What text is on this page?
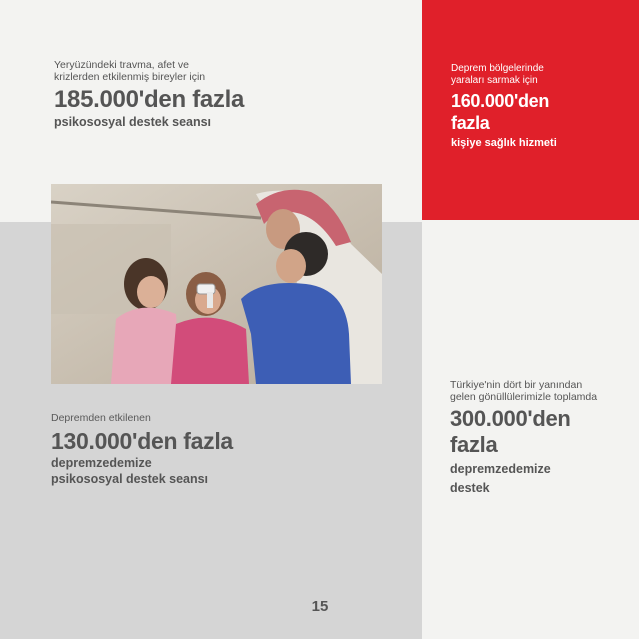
Yeryüzündeki travma, afet ve
krizlerden etkilenmiş bireyler için
185.000'den fazla
psikososyal destek seansı
Deprem bölgelerinde
yaraları sarmak için
160.000'den
fazla
kişiye sağlık hizmeti
Depremden etkilenen
130.000'den fazla
depremzedemize
psikososyal destek seansı
Türkiye'nin dört bir yanından
gelen gönüllülerimizle toplamda
300.000'den
fazla
depremzedemize
destek
15
